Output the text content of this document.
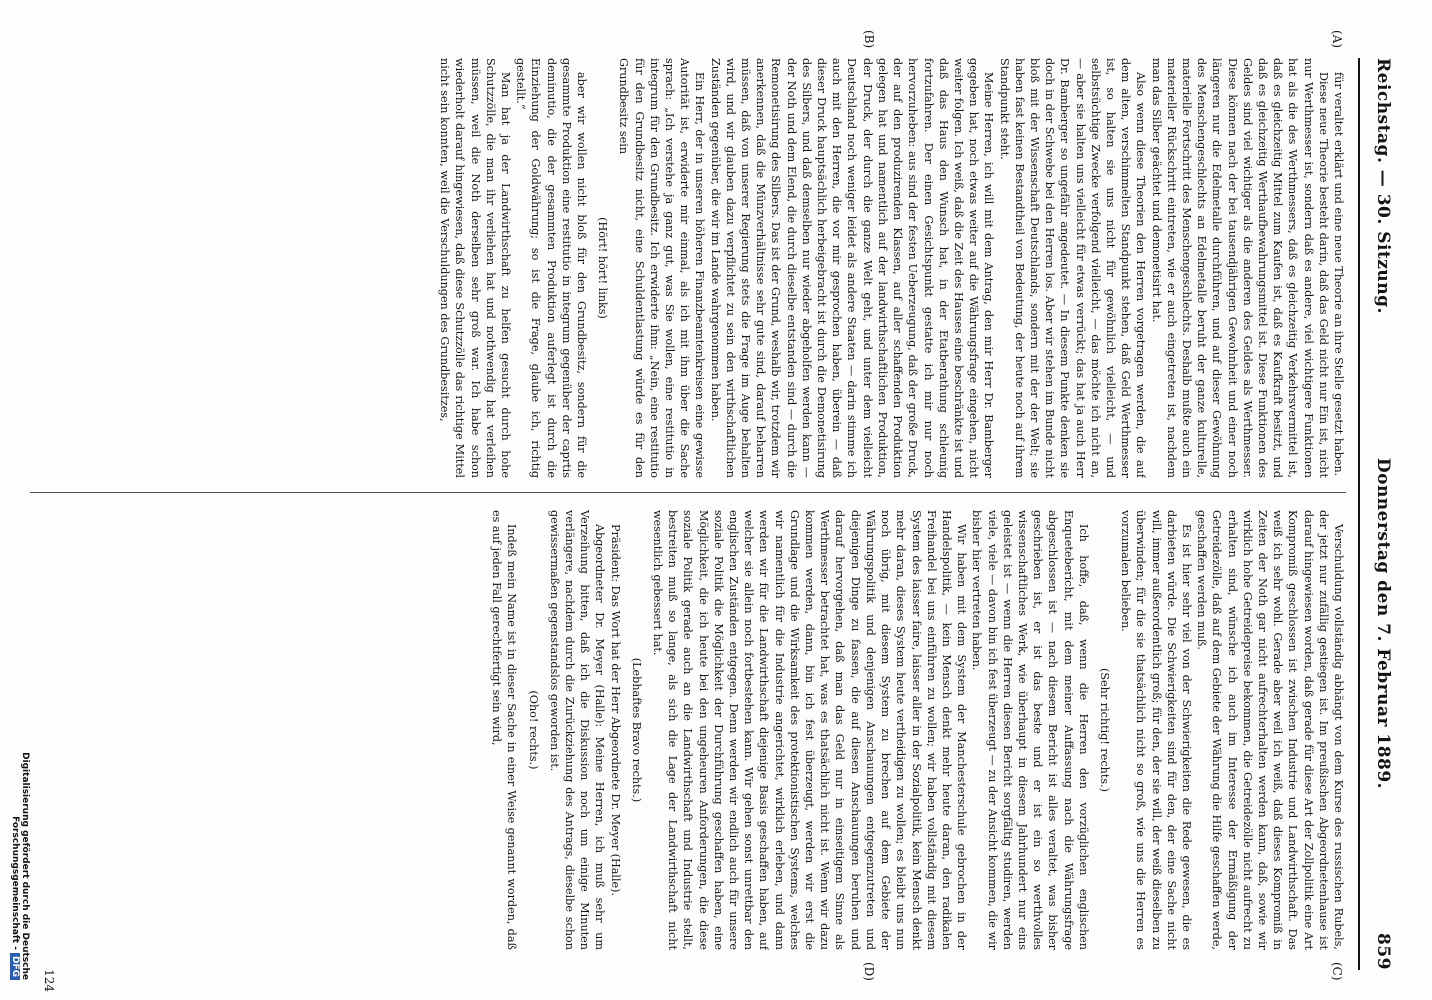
Reichstag. — 30. Sitzung.
Donnerstag den 7. Februar 1889.
859
(A)
(B)
(C)
(D)

für veraltet erklärt und eine neue Theorie an ihre Stelle gesetzt haben.

Diese neue Theorie besteht darin, daß das Geld nicht nur Ein ist, nicht nur Werthmesser ist, sondern daß es andere, viel wichtigere Funktionen hat als die des Werthmessers, daß es gleichzeitig Verkehrsvermittel ist, daß es gleichzeitig Mittel zum Kaufen ist, daß es Kaufkraft besitzt, und daß es gleichzeitig Werthaufbewahrungsmittel ist. Diese Funktionen des Geldes sind viel wichtiger als die anderen des Geldes als Werthmesser. Diese können nach der bei tausendjährigen Gewohnheit und einer noch längeren nur die Edelmetalle durchführen, und auf dieser Gewöhnung des Menschengeschlechts an Edelmetalle beruht der ganze kulturelle, materielle Fortschritt des Menschengeschlechts. Deshalb mußte auch ein materieller Rückschritt eintreten, wie er auch eingetreten ist, nachdem man das Silber geächtet und demonetisirt hat.

Also wenn diese Theorien den Herren vorgetragen werden, die auf dem alten, verschimmelten Standpunkt stehen, daß Geld Werthmesser ist, so halten sie uns nicht für gewöhnlich vielleicht, — und selbstsüchtige Zwecke verfolgend vielleicht, — das möchte ich nicht an, — aber sie halten uns vielleicht für etwas verrückt; das hat ja auch Herr Dr. Bamberger so ungefähr angedeutet. — In diesem Punkte denken sie doch in der Schwebe bei den Herren los. Aber wir stehen im Bunde nicht bloß mit der Wissenschaft Deutschlands, sondern mit der der Welt; sie haben fast keinen Bestandtheil von Bedeutung, der heute noch auf ihrem Standpunkt steht.

Meine Herren, ich will mit dem Antrag, den mir Herr Dr. Bamberger gegeben hat, noch etwas weiter auf die Währungsfrage eingehen, nicht weiter folgen. Ich weiß, daß die Zeit des Hauses eine beschränkte ist und daß das Haus den Wunsch hat, in der Etatberathung schleunig fortzufahren. Der einen Gesichtspunkt gestatte ich mir nur noch hervorzuheben: aus sind der festen Ueberzeugung, daß der große Druck, der auf den produzirenden Klassen, auf aller schaffenden Produktion gelegen hat und namentlich auf der landwirthschaftlichen Produktion, der Druck, der durch die ganze Welt geht, und unter dem vielleicht Deutschland noch weniger leidet als andere Staaten — darin stimme ich auch mit den Herren, die vor mir gesprochen haben, überein — daß dieser Druck hauptsächlich herbeigebracht ist durch die Demonetisirung des Silbers, und daß demselben nur wieder abgeholfen werden kann — der Noth und dem Elend, die durch dieselbe entstanden sind — durch die Remonetisirung des Silbers. Das ist der Grund, weshalb wir, trotzdem wir anerkennen, daß die Münzverhältnisse sehr gute sind, darauf beharren müssen, daß von unserer Regierung stets die Frage im Auge behalten wird, und wir glauben dazu verpflichtet zu sein den wirthschaftlichen Zuständen gegenüber, die wir im Lande wahrgenommen haben.

Ein Herr, der in unseren höheren Finanzbeamtenkreisen eine gewisse Autorität ist, erwiderte mir einmal, als ich mit ihm über die Sache sprach: „Ich verstehe ja ganz gut, was Sie wollen, eine restitutio in integrum für den Grundbesitz. Ich erwiderte ihm: „Nein, eine restitutio für den Grundbesitz nicht, eine Schuldentlastung würde es für den Grundbesitz sein

(Hört! hört! links)

aber wir wollen nicht bloß für den Grundbesitz, sondern für die gesammte Produktion eine restitutio in integrum gegenüber der caprtis deminutio, die der gesammten Produktion auferlegt ist durch die Einziehung der Goldwährung; so ist die Frage, glaube ich, richtig gestellt.“

Man hat ja der Landwirthschaft zu helfen gesucht durch hohe Schutzzölle, die man ihr verliehen hat und nothwendig hat verleihen müssen, weil die Noth derselben sehr groß war. Ich habe schon wiederholt darauf hingewiesen, daß diese Schutzzölle das richtige Mittel nicht sein konnten, weil die Verschuldungen des Grundbesitzes,

Verschuldung vollständig abhängt von dem Kurse des russischen Rubels, der jetzt nur zufällig gestiegen ist. Im preußischen Abgeordnetenhause ist darauf hingewiesen worden, daß gerade für diese Art der Zollpolitik eine Art Kompromiß geschlossen ist zwischen Industrie und Landwirthschaft. Das weiß ich sehr wohl. Gerade aber weil ich weiß, daß dieses Kompromiß in Zeiten der Noth gar nicht aufrechterhalten werden kann, daß, sowie wir wirklich hohe Getreidepreise bekommen, die Getreidezölle nicht aufrecht zu erhalten sind, wünsche ich auch im Interesse der Ermäßigung der Getreidezölle, daß auf dem Gebiete der Währung die Hilfe geschaffen werde, geschaffen werden muß.

Es ist hier sehr viel von der Schwierigkeiten die Rede gewesen, die es darbieten würde. Die Schwierigkeiten sind für den, der eine Sache nicht will, immer außerordentlich groß; für den, der sie will, der weiß dieselben zu überwinden; für die sie thatsächlich nicht so groß, wie uns die Herren es vorzumalen belieben.

(Sehr richtig! rechts.)

Ich hoffe, daß, wenn die Herren den vorzüglichen englischen Enquetebericht, mit dem meiner Auffassung nach die Währungsfrage abgeschlossen ist — nach diesem Bericht ist alles veraltet, was bisher geschrieben ist, er ist das beste und er ist ein so werthvolles wissenschaftliches Werk, wie überhaupt in diesem Jahrhundert nur eins geleistet ist — wenn die Herren diesen Bericht sorgfältig studiren, werden viele, viele — davon bin ich fest überzeugt — zu der Ansicht kommen, die wir bisher hier vertreten haben.

Wir haben mit dem System der Manchesterschule gebrochen in der Handelspolitik, — kein Mensch denkt mehr heute daran, den radikalen Freihandel bei uns einführen zu wollen; wir haben vollständig mit diesem System des laisser faire, laisser aller in der Sozialpolitik, kein Mensch denkt mehr daran, dieses System heute vertheidigen zu wollen; es bleibt uns nun noch übrig, mit diesem System zu brechen auf dem Gebiete der Währungspolitik und denjenigen Anschauungen entgegenzutreten und diejenigen Dinge zu fassen, die auf diesen Anschauungen beruhen und darauf hervorgehen, daß man das Geld nur in einseitigem Sinne als Werthmesser betrachtet hat, was es thatsächlich nicht ist. Wenn wir dazu kommen werden, dann, bin ich fest überzeugt, werden wir erst die Grundlage und die Wirksamkeit des protektionistischen Systems, welches wir namentlich für die Industrie angerichtet, wirklich erleben, und dann werden wir für die Landwirthschaft diejenige Basis geschaffen haben, auf welcher sie allein noch fortbestehen kann. Wir gehen sonst unrettbar den englischen Zuständen entgegen. Denn werden wir endlich auch für unsere soziale Politik die Möglichkeit der Durchführung geschaffen haben, eine Möglichkeit, die ich heute bei den ungeheuren Anforderungen, die diese soziale Politik gerade auch an die Landwirthschaft und Industrie stellt, bestreiten muß so lange, als sich die Lage der Landwirthschaft nicht wesentlich gebessert hat.

(Lebhaftes Bravo rechts.)

Präsident: Das Wort hat der Herr Abgeordnete Dr. Meyer (Halle).

Abgeordneter Dr. Meyer (Halle): Meine Herren, ich muß sehr um Verzeihung bitten, daß ich die Diskussion noch um einige Minuten verlängere, nachdem durch die Zurückziehung des Antrags, dieselbe schon gewissermaßen gegenstandslos geworden ist.

(Oho! rechts.)

Indeß mein Name ist in dieser Sache in einer Weise genannt worden, daß es auf jeden Fall gerechtfertigt sein wird,

124
Digitalisierung gefördert durch die Deutsche Forschungsgemeinschaft -DFG
